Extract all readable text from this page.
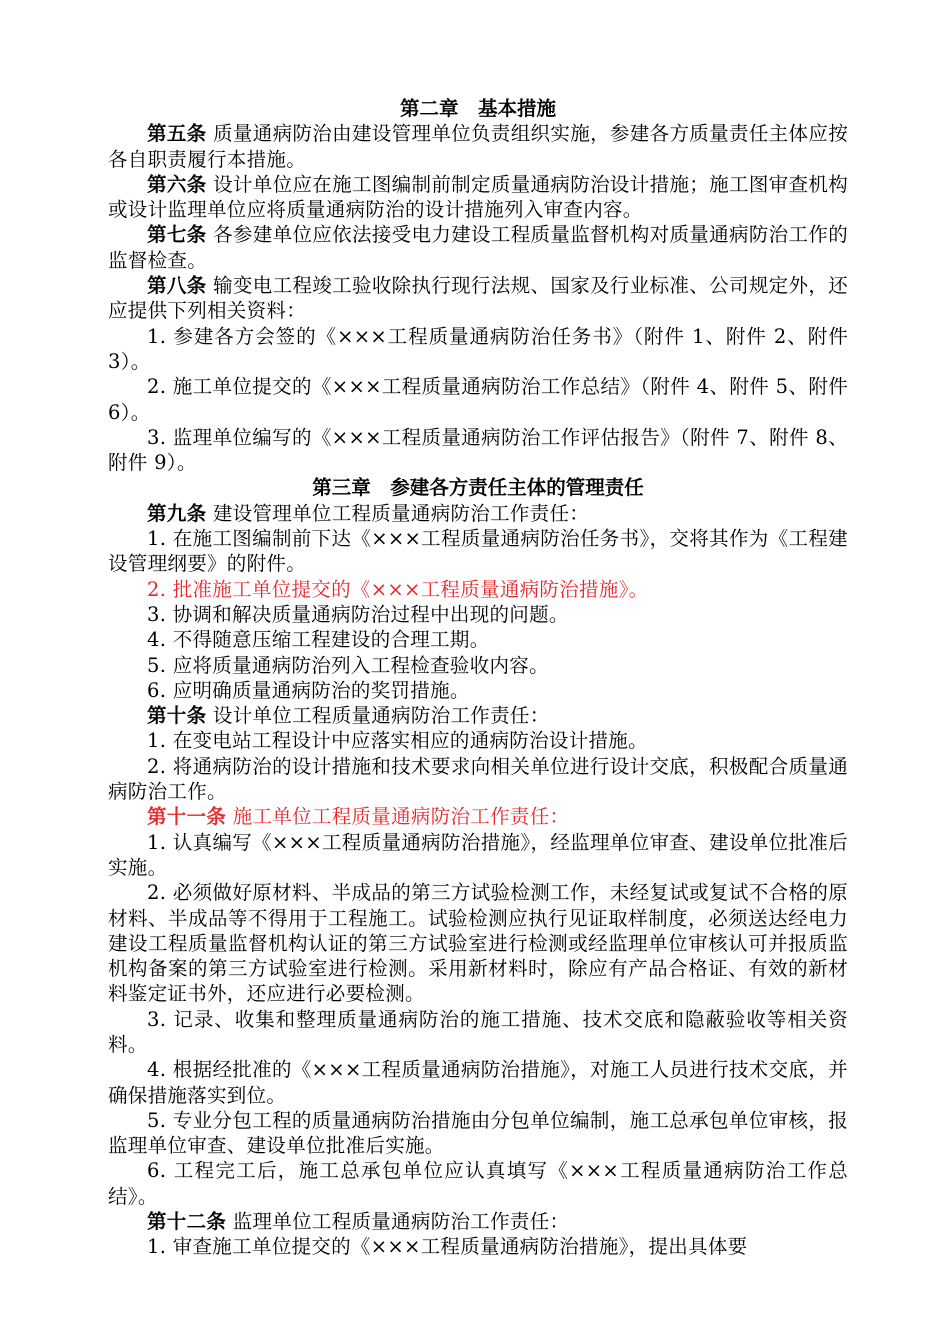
第二章　基本措施
第五条 质量通病防治由建设管理单位负责组织实施，参建各方质量责任主体应按各自职责履行本措施。
第六条 设计单位应在施工图编制前制定质量通病防治设计措施；施工图审查机构或设计监理单位应将质量通病防治的设计措施列入审查内容。
第七条 各参建单位应依法接受电力建设工程质量监督机构对质量通病防治工作的监督检查。
第八条 输变电工程竣工验收除执行现行法规、国家及行业标准、公司规定外，还应提供下列相关资料：
1. 参建各方会签的《×××工程质量通病防治任务书》（附件 1、附件 2、附件 3）。
2. 施工单位提交的《×××工程质量通病防治工作总结》（附件 4、附件 5、附件 6）。
3. 监理单位编写的《×××工程质量通病防治工作评估报告》（附件 7、附件 8、附件 9）。
第三章　参建各方责任主体的管理责任
第九条 建设管理单位工程质量通病防治工作责任：
1. 在施工图编制前下达《×××工程质量通病防治任务书》，交将其作为《工程建设管理纲要》的附件。
2. 批准施工单位提交的《×××工程质量通病防治措施》。
3. 协调和解决质量通病防治过程中出现的问题。
4. 不得随意压缩工程建设的合理工期。
5. 应将质量通病防治列入工程检查验收内容。
6. 应明确质量通病防治的奖罚措施。
第十条 设计单位工程质量通病防治工作责任：
1. 在变电站工程设计中应落实相应的通病防治设计措施。
2. 将通病防治的设计措施和技术要求向相关单位进行设计交底，积极配合质量通病防治工作。
第十一条 施工单位工程质量通病防治工作责任：
1. 认真编写《×××工程质量通病防治措施》，经监理单位审查、建设单位批准后实施。
2. 必须做好原材料、半成品的第三方试验检测工作，未经复试或复试不合格的原材料、半成品等不得用于工程施工。试验检测应执行见证取样制度，必须送达经电力建设工程质量监督机构认证的第三方试验室进行检测或经监理单位审核认可并报质监机构备案的第三方试验室进行检测。采用新材料时，除应有产品合格证、有效的新材料鉴定证书外，还应进行必要检测。
3. 记录、收集和整理质量通病防治的施工措施、技术交底和隐蔽验收等相关资料。
4. 根据经批准的《×××工程质量通病防治措施》，对施工人员进行技术交底，并确保措施落实到位。
5. 专业分包工程的质量通病防治措施由分包单位编制，施工总承包单位审核，报监理单位审查、建设单位批准后实施。
6. 工程完工后，施工总承包单位应认真填写《×××工程质量通病防治工作总结》。
第十二条 监理单位工程质量通病防治工作责任：
1. 审查施工单位提交的《×××工程质量通病防治措施》，提出具体要
